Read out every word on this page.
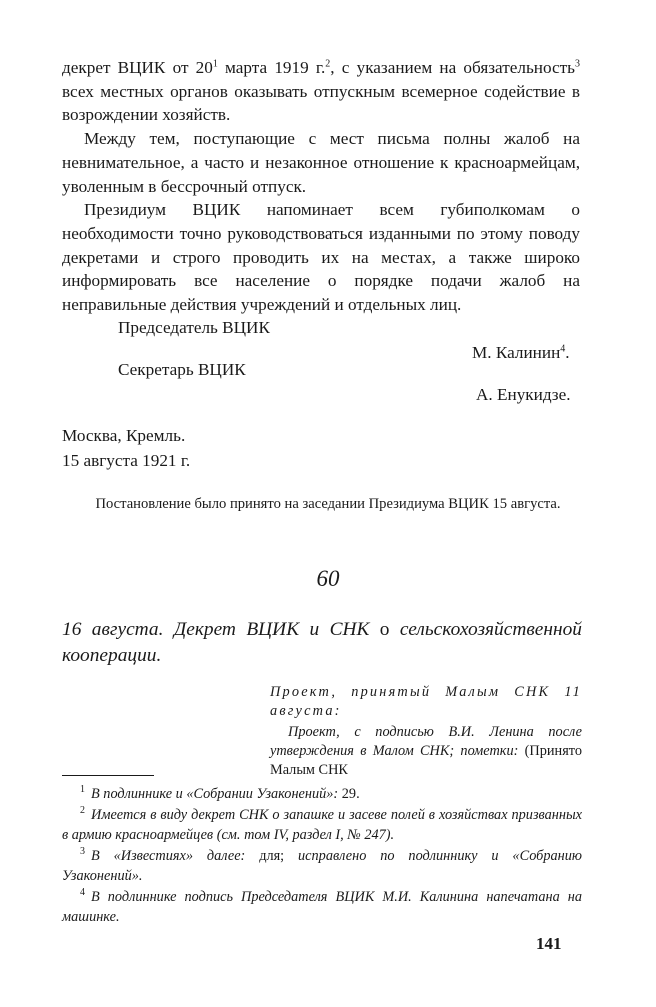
декрет ВЦИК от $20^1$ марта 1919 г.$^2$, с указанием на обязательность$^3$ всех местных органов оказывать отпускным всемерное содействие в возрождении хозяйств.

Между тем, поступающие с мест письма полны жалоб на невнимательное, а часто и незаконное отношение к красноармейцам, уволенным в бессрочный отпуск.

Президиум ВЦИК напоминает всем губиполкомам о необходимости точно руководствоваться изданными по этому поводу декретами и строго проводить их на местах, а также широко информировать все население о порядке подачи жалоб на неправильные действия учреждений и отдельных лиц.

Председатель ВЦИК
М. Калинин$^4$.
Секретарь ВЦИК
А. Енукидзе.
Москва, Кремль.
15 августа 1921 г.
Постановление было принято на заседании Президиума ВЦИК 15 августа.
60
16 августа. Декрет ВЦИК и СНК о сельскохозяйственной кооперации.
Проект, принятый Малым СНК 11 августа:
Проект, с подписью В.И. Ленина после утверждения в Малом СНК; пометки: (Принято Малым СНК

$^1$ В подлиннике и «Собрании Узаконений»: 29.

$^2$ Имеется в виду декрет СНК о запашке и засеве полей в хозяйствах призванных в армию красноармейцев (см. том IV, раздел I, № 247).

$^3$ В «Известиях» далее: для; исправлено по подлиннику и «Собранию Узаконений».

$^4$ В подлиннике подпись Председателя ВЦИК М.И. Калинина напечатана на машинке.

141
